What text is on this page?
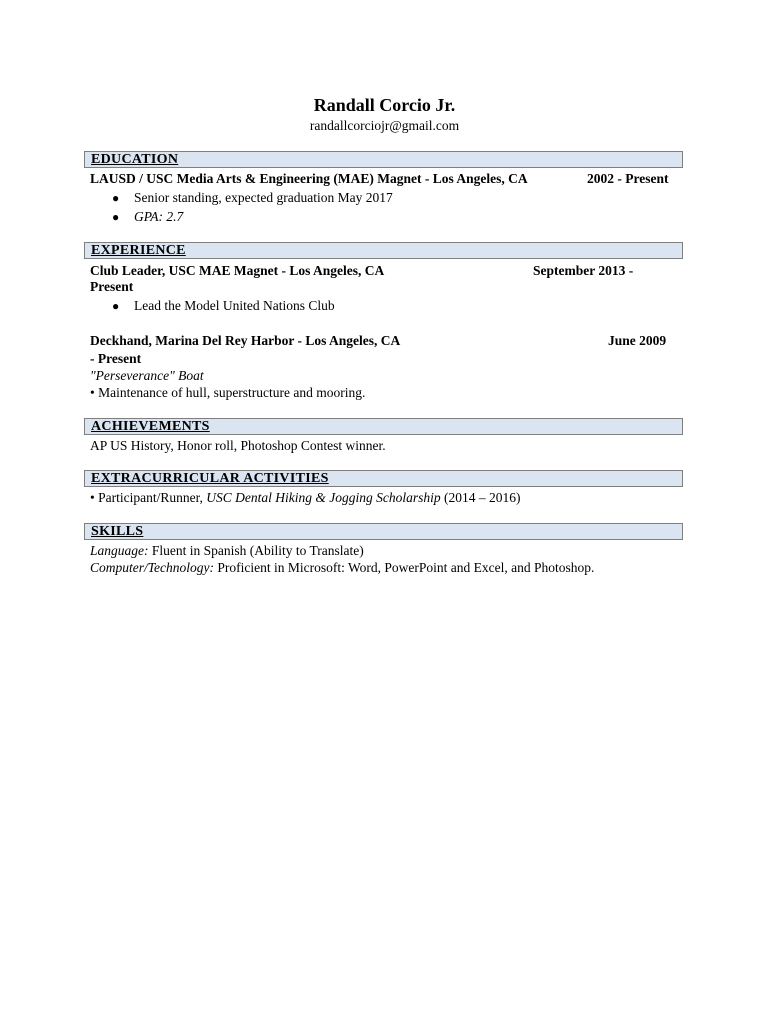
Randall Corcio Jr.
randallcorciojr@gmail.com
EDUCATION
LAUSD / USC Media Arts & Engineering (MAE) Magnet - Los Angeles, CA	2002 - Present
● Senior standing, expected graduation May 2017
● GPA: 2.7
EXPERIENCE
Club Leader, USC MAE Magnet - Los Angeles, CA	September 2013 -
Present
● Lead the Model United Nations Club
Deckhand, Marina Del Rey Harbor - Los Angeles, CA	June 2009
- Present
"Perseverance" Boat
• Maintenance of hull, superstructure and mooring.
ACHIEVEMENTS
AP US History, Honor roll, Photoshop Contest winner.
EXTRACURRICULAR ACTIVITIES
• Participant/Runner, USC Dental Hiking & Jogging Scholarship (2014 – 2016)
SKILLS
Language: Fluent in Spanish (Ability to Translate)
Computer/Technology: Proficient in Microsoft: Word, PowerPoint and Excel, and Photoshop.
